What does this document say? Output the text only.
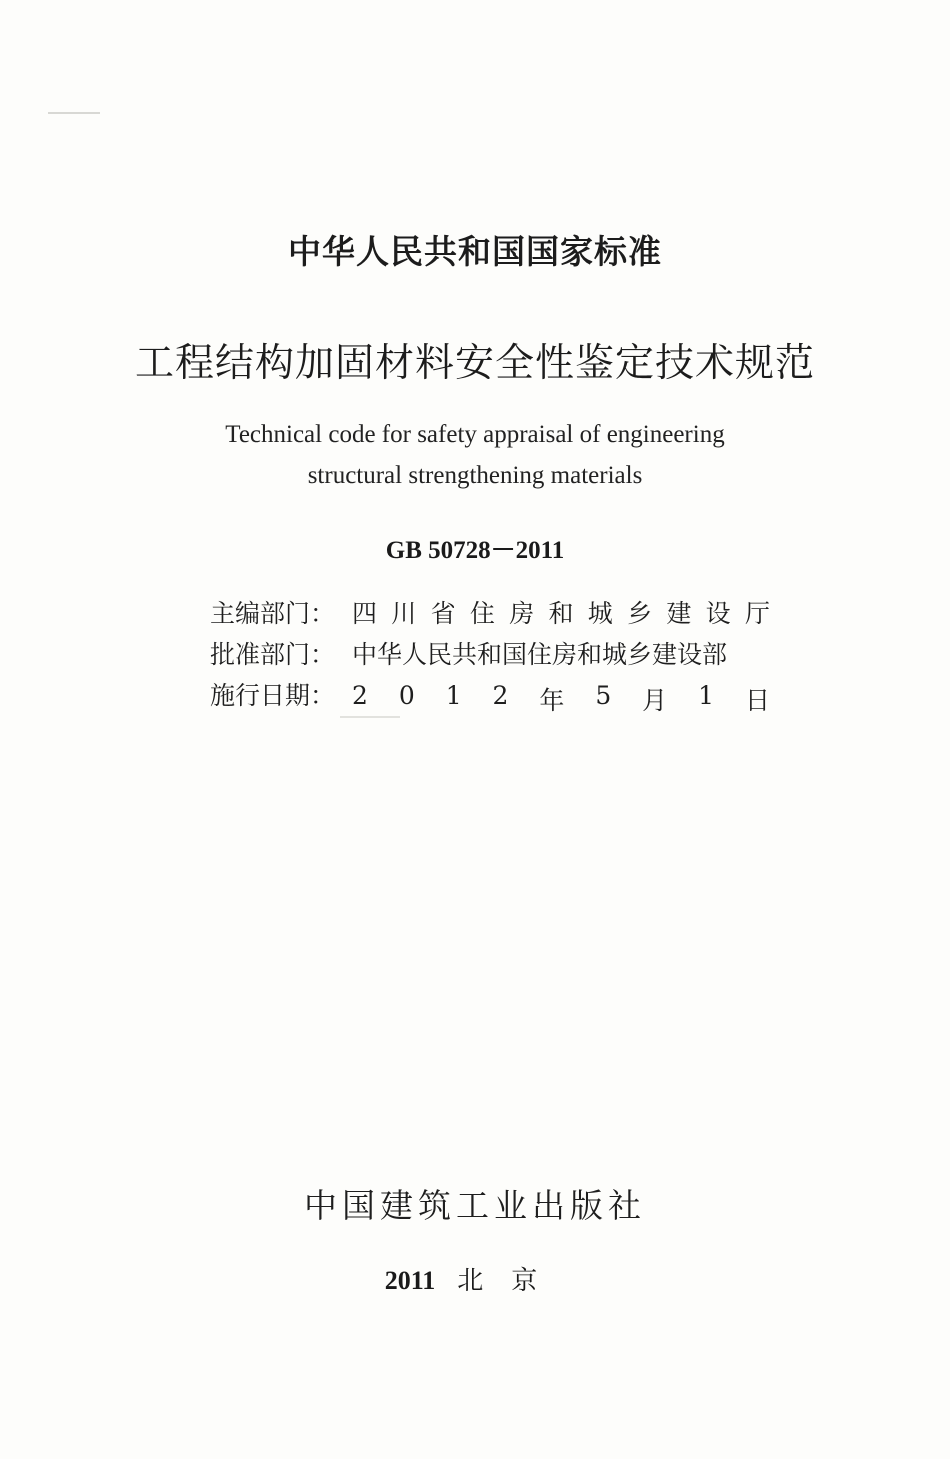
中华人民共和国国家标准
工程结构加固材料安全性鉴定技术规范
Technical code for safety appraisal of engineering
structural strengthening materials
GB 50728－2011
主编部门： 四 川 省 住 房 和 城 乡 建 设 厅
批准部门： 中华人民共和国住房和城乡建设部
施行日期： 2 0 1 2 年 5 月 1 日
中国建筑工业出版社
2011 北京
